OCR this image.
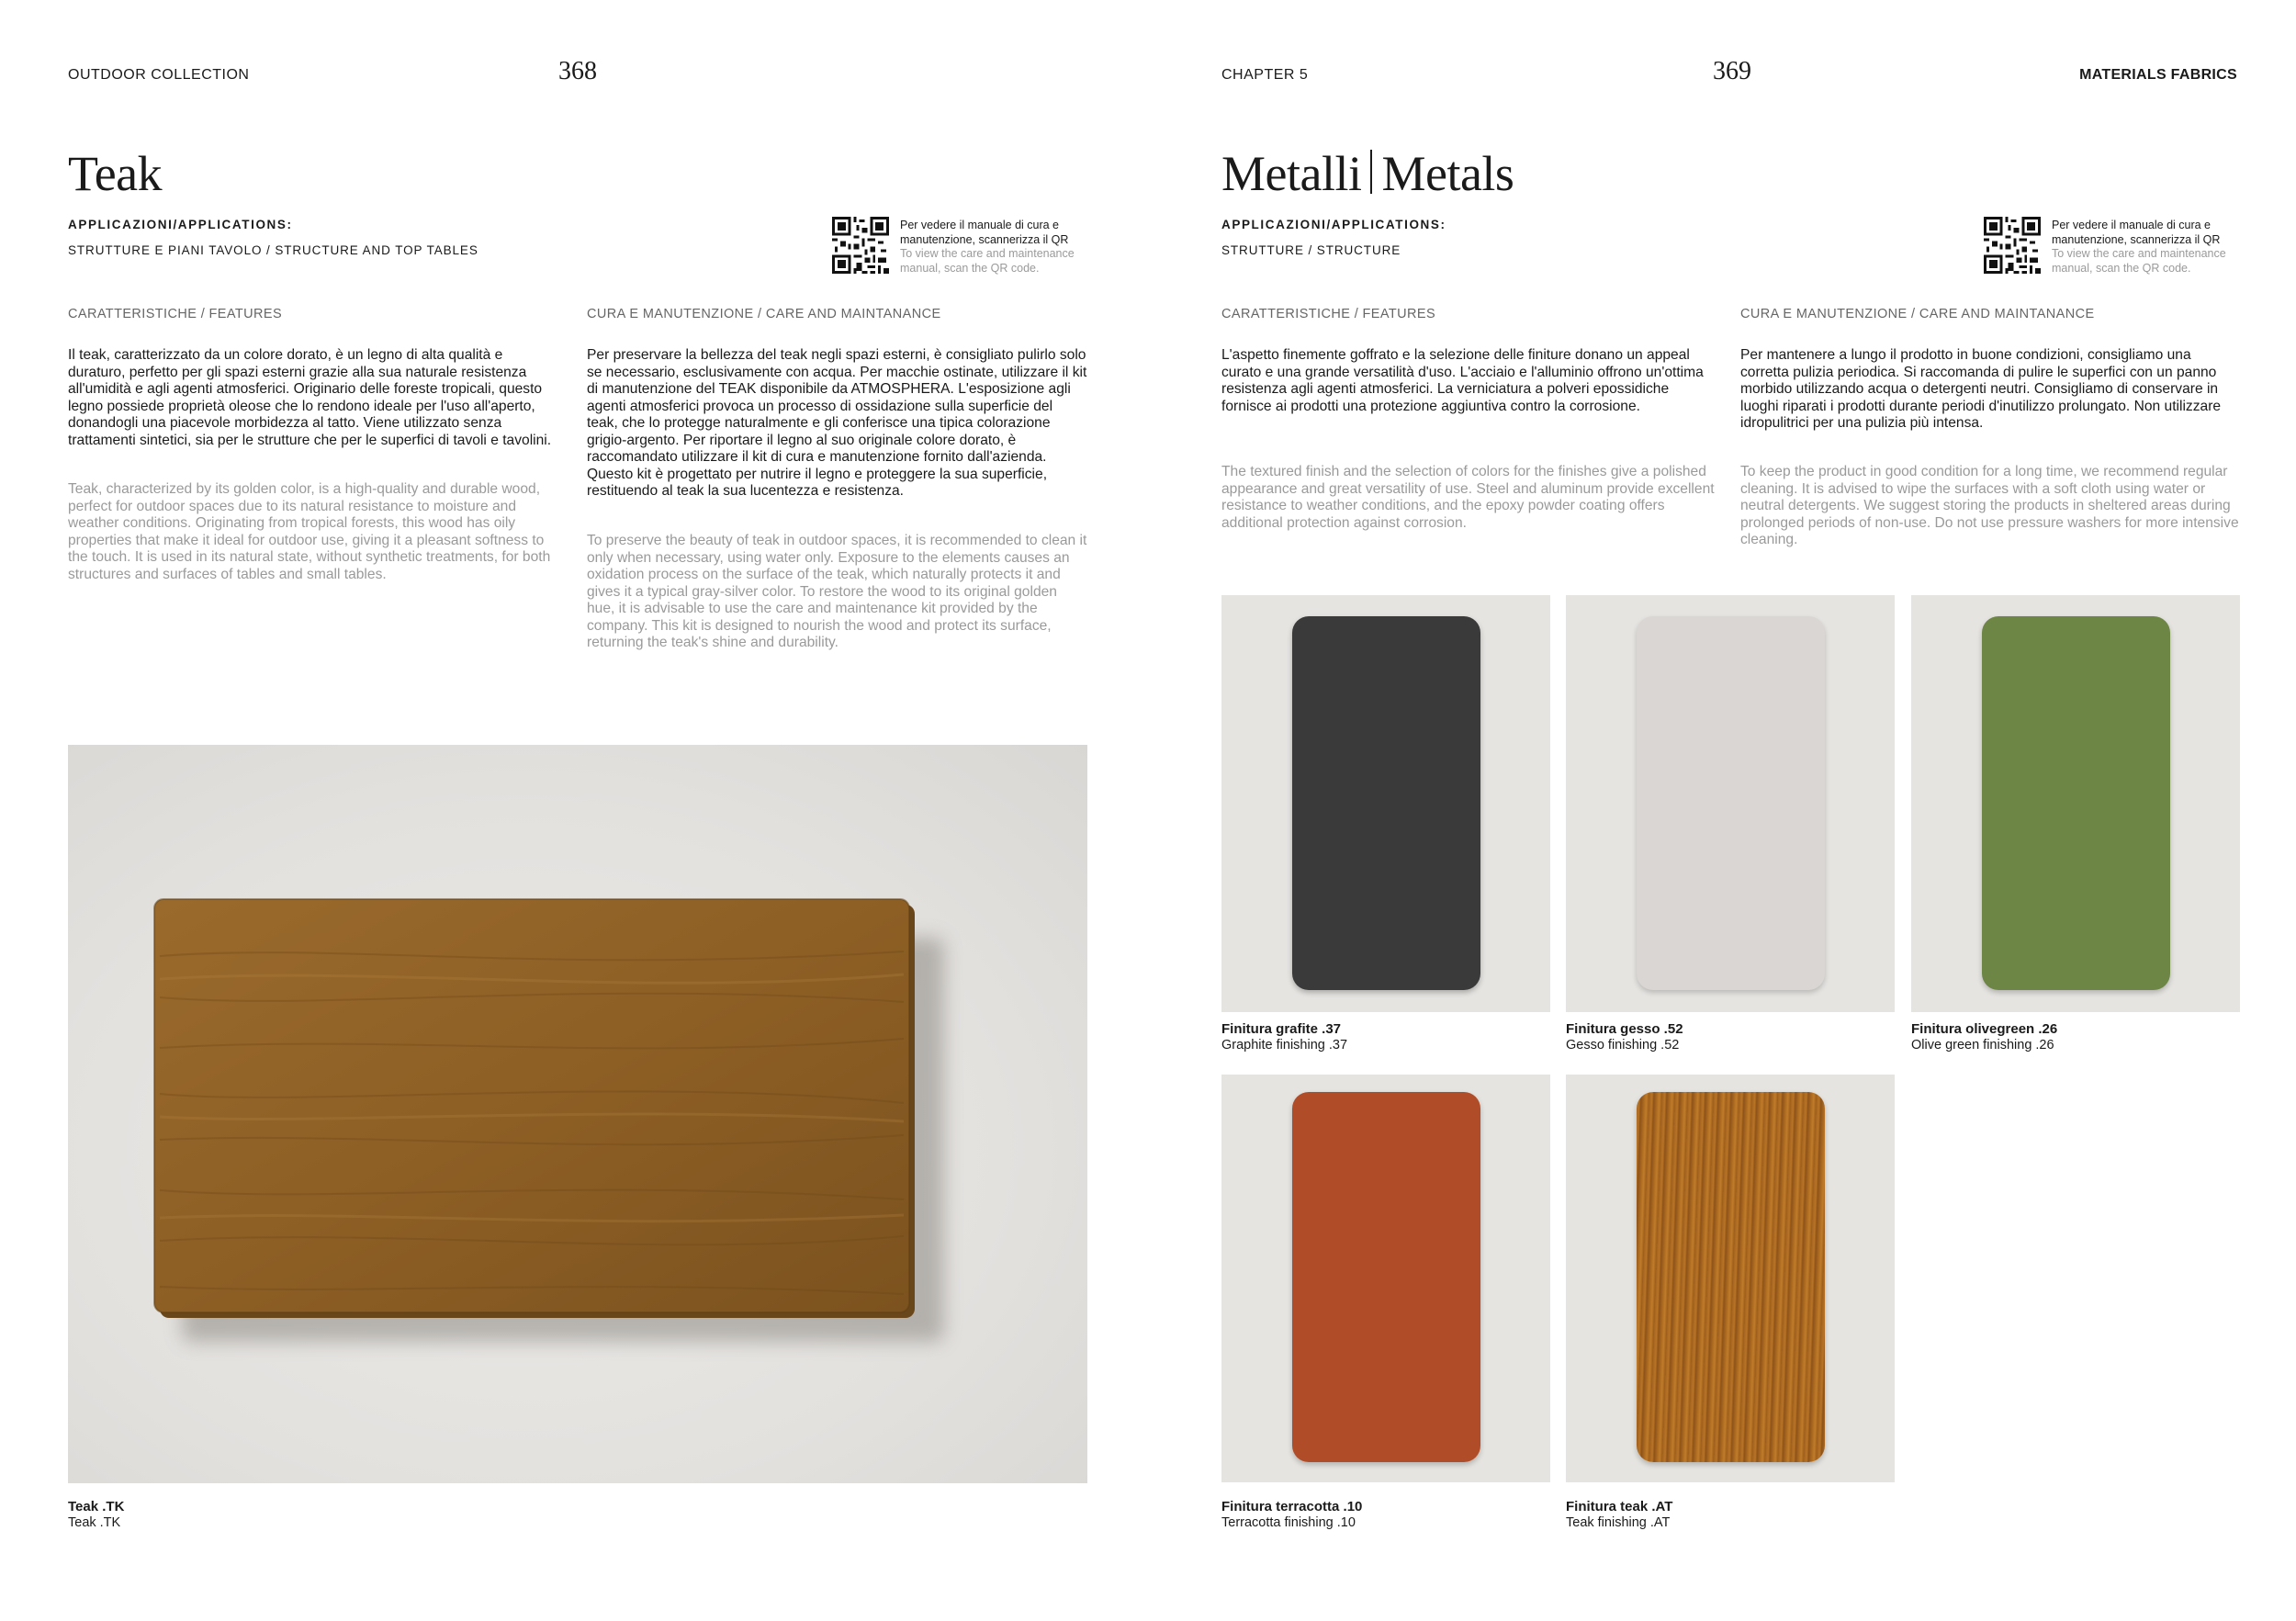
OUTDOOR COLLECTION	368
Teak
APPLICAZIONI/APPLICATIONS:
STRUTTURE E PIANI TAVOLO / STRUCTURE AND TOP TABLES
Per vedere il manuale di cura e manutenzione, scannerizza il QR
To view the care and maintenance manual, scan the QR code.
CARATTERISTICHE / FEATURES
Il teak, caratterizzato da un colore dorato, è un legno di alta qualità e duraturo, perfetto per gli spazi esterni grazie alla sua naturale resistenza all'umidità e agli agenti atmosferici. Originario delle foreste tropicali, questo legno possiede proprietà oleose che lo rendono ideale per l'uso all'aperto, donandogli una piacevole morbidezza al tatto. Viene utilizzato senza trattamenti sintetici, sia per le strutture che per le superfici di tavoli e tavolini.
Teak, characterized by its golden color, is a high-quality and durable wood, perfect for outdoor spaces due to its natural resistance to moisture and weather conditions. Originating from tropical forests, this wood has oily properties that make it ideal for outdoor use, giving it a pleasant softness to the touch. It is used in its natural state, without synthetic treatments, for both structures and surfaces of tables and small tables.
CURA E MANUTENZIONE / CARE AND MAINTANANCE
Per preservare la bellezza del teak negli spazi esterni, è consigliato pulirlo solo se necessario, esclusivamente con acqua. Per macchie ostinate, utilizzare il kit di manutenzione del TEAK disponibile da ATMOSPHERA. L'esposizione agli agenti atmosferici provoca un processo di ossidazione sulla superficie del teak, che lo protegge naturalmente e gli conferisce una tipica colorazione grigio-argento. Per riportare il legno al suo originale colore dorato, è raccomandato utilizzare il kit di cura e manutenzione fornito dall'azienda. Questo kit è progettato per nutrire il legno e proteggere la sua superficie, restituendo al teak la sua lucentezza e resistenza.
To preserve the beauty of teak in outdoor spaces, it is recommended to clean it only when necessary, using water only. Exposure to the elements causes an oxidation process on the surface of the teak, which naturally protects it and gives it a typical gray-silver color. To restore the wood to its original golden hue, it is advisable to use the care and maintenance kit provided by the company. This kit is designed to nourish the wood and protect its surface, returning the teak's shine and durability.
Teak .TK
Teak .TK
CHAPTER 5	369	MATERIALS FABRICS
Metalli Metals
APPLICAZIONI/APPLICATIONS:
STRUTTURE / STRUCTURE
Per vedere il manuale di cura e manutenzione, scannerizza il QR
To view the care and maintenance manual, scan the QR code.
CARATTERISTICHE / FEATURES
L'aspetto finemente goffrato e la selezione delle finiture donano un appeal curato e una grande versatilità d'uso. L'acciaio e l'alluminio offrono un'ottima resistenza agli agenti atmosferici. La verniciatura a polveri epossidiche fornisce ai prodotti una protezione aggiuntiva contro la corrosione.
The textured finish and the selection of colors for the finishes give a polished appearance and great versatility of use. Steel and aluminum provide excellent resistance to weather conditions, and the epoxy powder coating offers additional protection against corrosion.
CURA E MANUTENZIONE / CARE AND MAINTANANCE
Per mantenere a lungo il prodotto in buone condizioni, consigliamo una corretta pulizia periodica. Si raccomanda di pulire le superfici con un panno morbido utilizzando acqua o detergenti neutri. Consigliamo di conservare in luoghi riparati i prodotti durante periodi d'inutilizzo prolungato. Non utilizzare idropulitrici per una pulizia più intensa.
To keep the product in good condition for a long time, we recommend regular cleaning. It is advised to wipe the surfaces with a soft cloth using water or neutral detergents. We suggest storing the products in sheltered areas during prolonged periods of non-use. Do not use pressure washers for more intensive cleaning.
Finitura grafite .37
Graphite finishing .37
Finitura gesso .52
Gesso finishing .52
Finitura olivegreen .26
Olive green finishing .26
Finitura terracotta .10
Terracotta finishing .10
Finitura teak .AT
Teak finishing .AT
